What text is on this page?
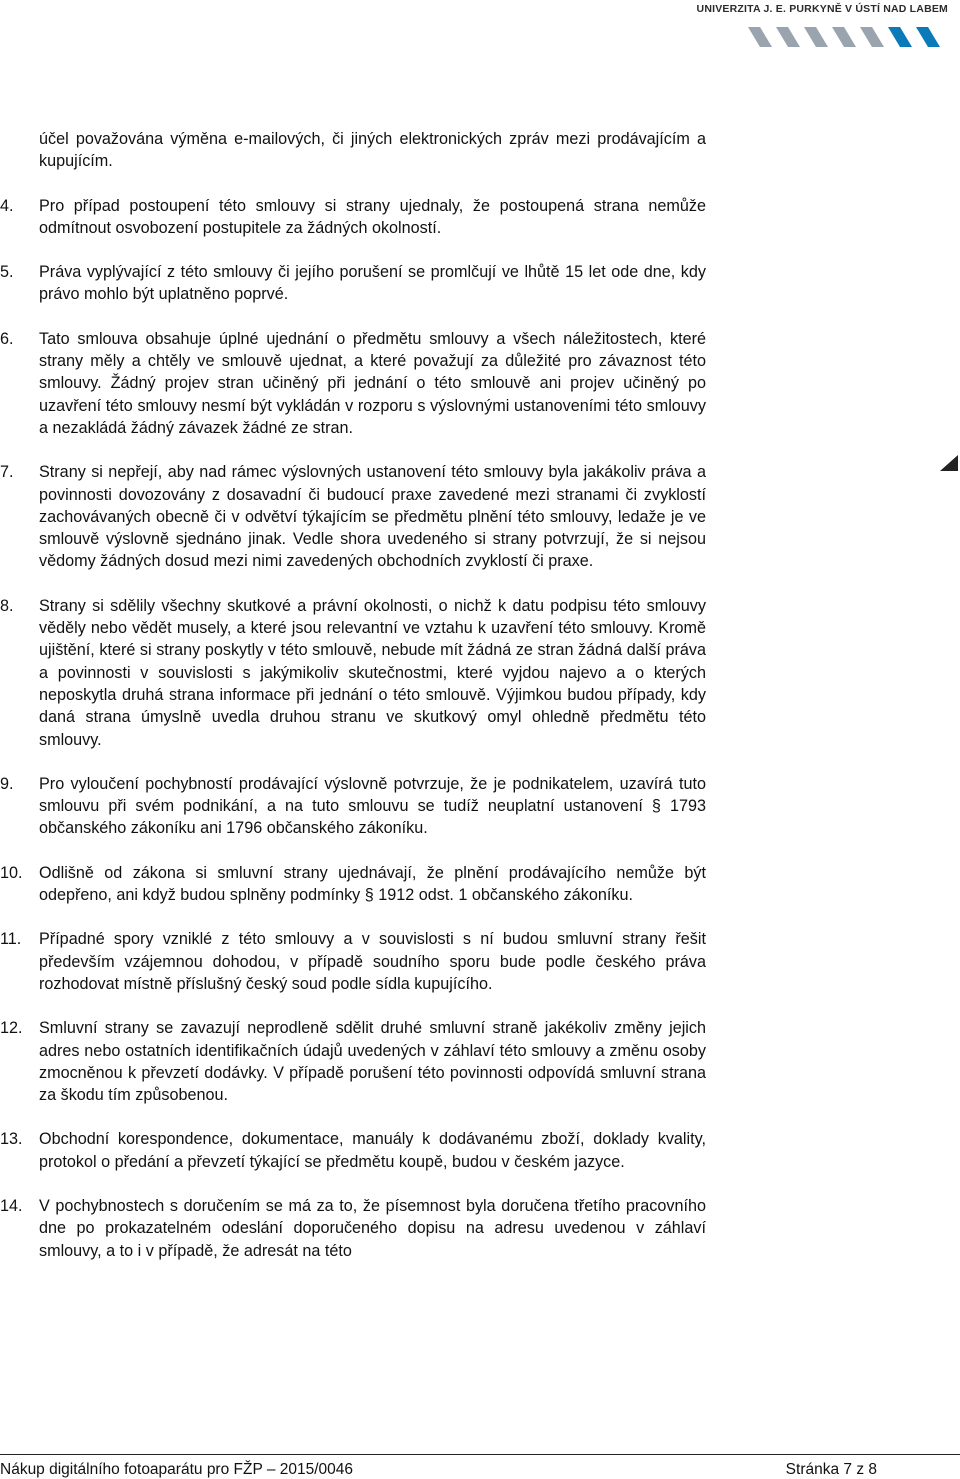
UNIVERZITA J. E. PURKYNĚ V ÚSTÍ NAD LABEM

účel považována výměna e-mailových, či jiných elektronických zpráv mezi prodávajícím a kupujícím.

4.	Pro případ postoupení této smlouvy si strany ujednaly, že postoupená strana nemůže odmítnout osvobození postupitele za žádných okolností.

5.	Práva vyplývající z této smlouvy či jejího porušení se promlčují ve lhůtě 15 let ode dne, kdy právo mohlo být uplatněno poprvé.

6.	Tato smlouva obsahuje úplné ujednání o předmětu smlouvy a všech náležitostech, které strany měly a chtěly ve smlouvě ujednat, a které považují za důležité pro závaznost této smlouvy. Žádný projev stran učiněný při jednání o této smlouvě ani projev učiněný po uzavření této smlouvy nesmí být vykládán v rozporu s výslovnými ustanoveními této smlouvy a nezakládá žádný závazek žádné ze stran.

7.	Strany si nepřejí, aby nad rámec výslovných ustanovení této smlouvy byla jakákoliv práva a povinnosti dovozovány z dosavadní či budoucí praxe zavedené mezi stranami či zvyklostí zachovávaných obecně či v odvětví týkajícím se předmětu plnění této smlouvy, ledaže je ve smlouvě výslovně sjednáno jinak. Vedle shora uvedeného si strany potvrzují, že si nejsou vědomy žádných dosud mezi nimi zavedených obchodních zvyklostí či praxe.

8.	Strany si sdělily všechny skutkové a právní okolnosti, o nichž k datu podpisu této smlouvy věděly nebo vědět musely, a které jsou relevantní ve vztahu k uzavření této smlouvy. Kromě ujištění, které si strany poskytly v této smlouvě, nebude mít žádná ze stran žádná další práva a povinnosti v souvislosti s jakýmikoliv skutečnostmi, které vyjdou najevo a o kterých neposkytla druhá strana informace při jednání o této smlouvě. Výjimkou budou případy, kdy daná strana úmyslně uvedla druhou stranu ve skutkový omyl ohledně předmětu této smlouvy.

9.	Pro vyloučení pochybností prodávající výslovně potvrzuje, že je podnikatelem, uzavírá tuto smlouvu při svém podnikání, a na tuto smlouvu se tudíž neuplatní ustanovení § 1793 občanského zákoníku ani 1796 občanského zákoníku.

10.	Odlišně od zákona si smluvní strany ujednávají, že plnění prodávajícího nemůže být odepřeno, ani když budou splněny podmínky § 1912 odst. 1 občanského zákoníku.

11.	Případné spory vzniklé z této smlouvy a v souvislosti s ní budou smluvní strany řešit především vzájemnou dohodou, v případě soudního sporu bude podle českého práva rozhodovat místně příslušný český soud podle sídla kupujícího.

12.	Smluvní strany se zavazují neprodleně sdělit druhé smluvní straně jakékoliv změny jejich adres nebo ostatních identifikačních údajů uvedených v záhlaví této smlouvy a změnu osoby zmocněnou k převzetí dodávky. V případě porušení této povinnosti odpovídá smluvní strana za škodu tím způsobenou.

13.	Obchodní korespondence, dokumentace, manuály k dodávanému zboží, doklady kvality, protokol o předání a převzetí týkající se předmětu koupě, budou v českém jazyce.

14.	V pochybnostech s doručením se má za to, že písemnost byla doručena třetího pracovního dne po prokazatelném odeslání doporučeného dopisu na adresu uvedenou v záhlaví smlouvy, a to i v případě, že adresát na této

Nákup digitálního fotoaparátu pro FŽP – 2015/0046	Stránka 7 z 8
